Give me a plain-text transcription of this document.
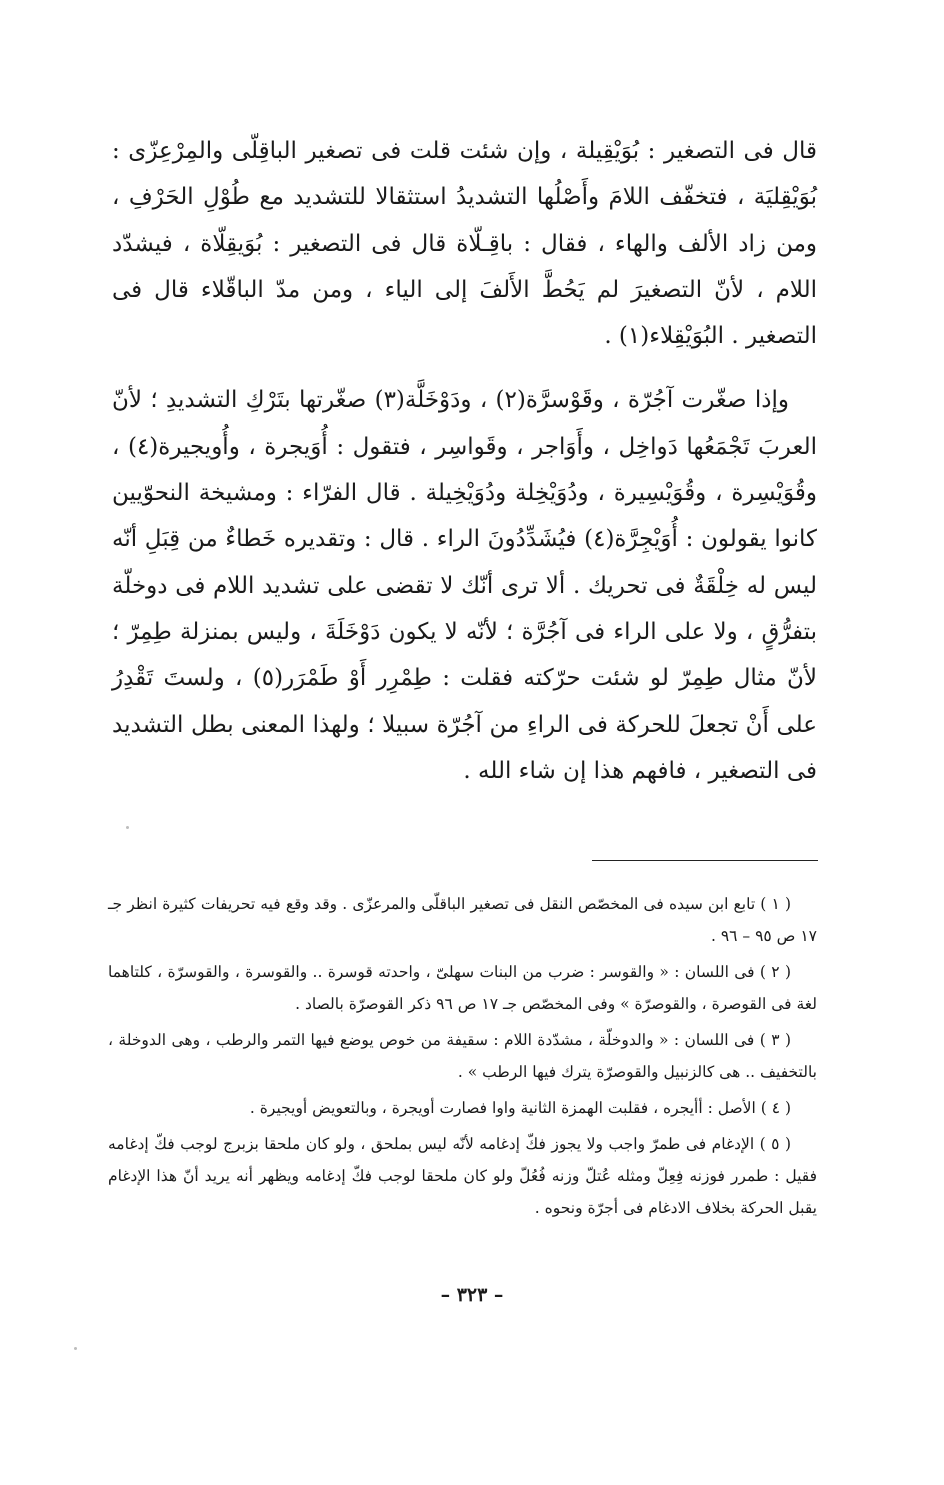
قال فى التصغير : بُوَيْقِيلة ، وإن شئت قلت فى تصغير الباقِلّى والمِرْعِزّى : بُوَيْقِليَة ، فتخفّف اللامَ وأَصْلُها التشديدُ استثقالا للتشديد مع طُوْلِ الحَرْفِ ، ومن زاد الألف والهاء ، فقال : باقِـلّاة قال فى التصغير : بُوَيقِلّاة ، فيشدّد اللام ، لأنّ التصغيرَ لم يَحُطَّ الأَلفَ إلى الياء ، ومن مدّ الباقّلاء قال فى التصغير . البُوَيْقِلاء(١) .

وإذا صغّرت آجُرّة ، وقَوْسرَّة(٢) ، ودَوْخَلَّة(٣) صغّرتها بتَرْكِ التشديدِ ؛ لأنّ العربَ تَجْمَعُها دَواخِل ، وأَوَاجر ، وقَواسِر ، فتقول : أُوَيجرة ، وأُويجيرة(٤) ، وقُوَيْسِرة ، وقُوَيْسِيرة ، ودُوَيْخِلة ودُوَيْخِيلة . قال الفرّاء : ومشيخة النحوّيين كانوا يقولون : أُوَيْجِرَّة(٤) فيُشَدِّدُونَ الراء . قال : وتقديره خَطاءٌ من قِبَلِ أنّه ليس له خِلْقَةٌ فى تحريك . ألا ترى أنّك لا تقضى على تشديد اللام فى دوخلّة بتفرُّقٍ ، ولا على الراء فى آجُرَّة ؛ لأنّه لا يكون دَوْخَلَةَ ، وليس بمنزلة طِمِرّ ؛ لأنّ مثال طِمِرّ لو شئت حرّكته فقلت : طِمْرِر أَوْ طَمْرَر(٥) ، ولستَ تَقْدِرُ على أَنْ تجعلَ للحركة فى الراءِ من آجُرّة سبيلا ؛ ولهذا المعنى بطل التشديد فى التصغير ، فافهم هذا إن شاء الله .

( ١ ) تابع ابن سيده فى المخصّص النقل فى تصغير الباقلّى والمرعزّى . وقد وقع فيه تحريفات كثيرة انظر جـ ١٧ ص ٩٥ – ٩٦ .

( ٢ ) فى اللسان : « والقوسر : ضرب من البنات سهلىّ ، واحدته قوسرة .. والقوسرة ، والقوسرّة ، كلتاهما لغة فى القوصرة ، والقوصرّة » وفى المخصّص جـ ١٧ ص ٩٦ ذكر القوصرّة بالصاد .

( ٣ ) فى اللسان : « والدوخلّة ، مشدّدة اللام : سقيفة من خوص يوضع فيها التمر والرطب ، وهى الدوخلة ، بالتخفيف .. هى كالزنبيل والقوصرّة يترك فيها الرطب » .

( ٤ ) الأصل : أأيجره ، فقلبت الهمزة الثانية واوا فصارت أويجرة ، وبالتعويض أويجيرة .

( ٥ ) الإدغام فى طمرّ واجب ولا يجوز فكّ إدغامه لأنّه ليس بملحق ، ولو كان ملحقا بزبرج لوجب فكّ إدغامه فقيل : طمرر فوزنه فِعِلّ ومثله عُتلّ وزنه فُعُلّ ولو كان ملحقا لوجب فكّ إدغامه ويظهر أنه يريد أنّ هذا الإدغام يقبل الحركة بخلاف الادغام فى أجرّة ونحوه .

– ٣٢٣ –
